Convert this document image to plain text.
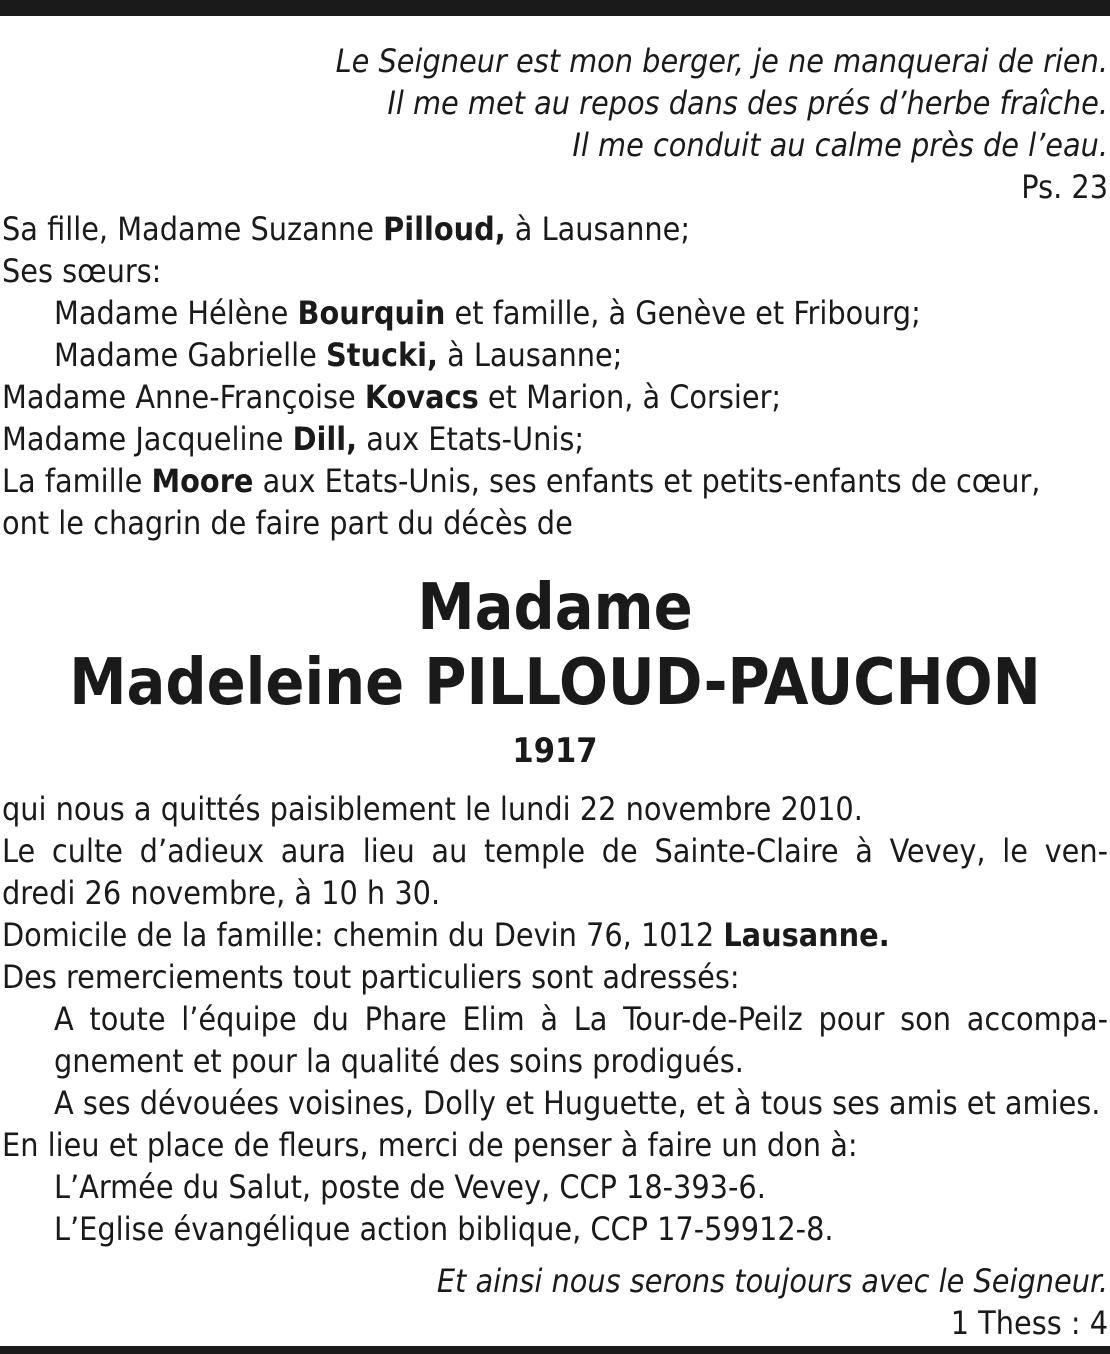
Le Seigneur est mon berger, je ne manquerai de rien.
Il me met au repos dans des prés d’herbe fraîche.
Il me conduit au calme près de l’eau.
Ps. 23
Sa fille, Madame Suzanne Pilloud, à Lausanne;
Ses sœurs:
Madame Hélène Bourquin et famille, à Genève et Fribourg;
Madame Gabrielle Stucki, à Lausanne;
Madame Anne-Françoise Kovacs et Marion, à Corsier;
Madame Jacqueline Dill, aux Etats-Unis;
La famille Moore aux Etats-Unis, ses enfants et petits-enfants de cœur,
ont le chagrin de faire part du décès de
Madame
Madeleine PILLOUD-PAUCHON
1917
qui nous a quittés paisiblement le lundi 22 novembre 2010.
Le culte d’adieux aura lieu au temple de Sainte-Claire à Vevey, le ven-
dredi 26 novembre, à 10 h 30.
Domicile de la famille: chemin du Devin 76, 1012 Lausanne.
Des remerciements tout particuliers sont adressés:
A toute l’équipe du Phare Elim à La Tour-de-Peilz pour son accompa-
gnement et pour la qualité des soins prodigués.
A ses dévouées voisines, Dolly et Huguette, et à tous ses amis et amies.
En lieu et place de fleurs, merci de penser à faire un don à:
L’Armée du Salut, poste de Vevey, CCP 18-393-6.
L’Eglise évangélique action biblique, CCP 17-59912-8.
Et ainsi nous serons toujours avec le Seigneur.
1 Thess : 4
